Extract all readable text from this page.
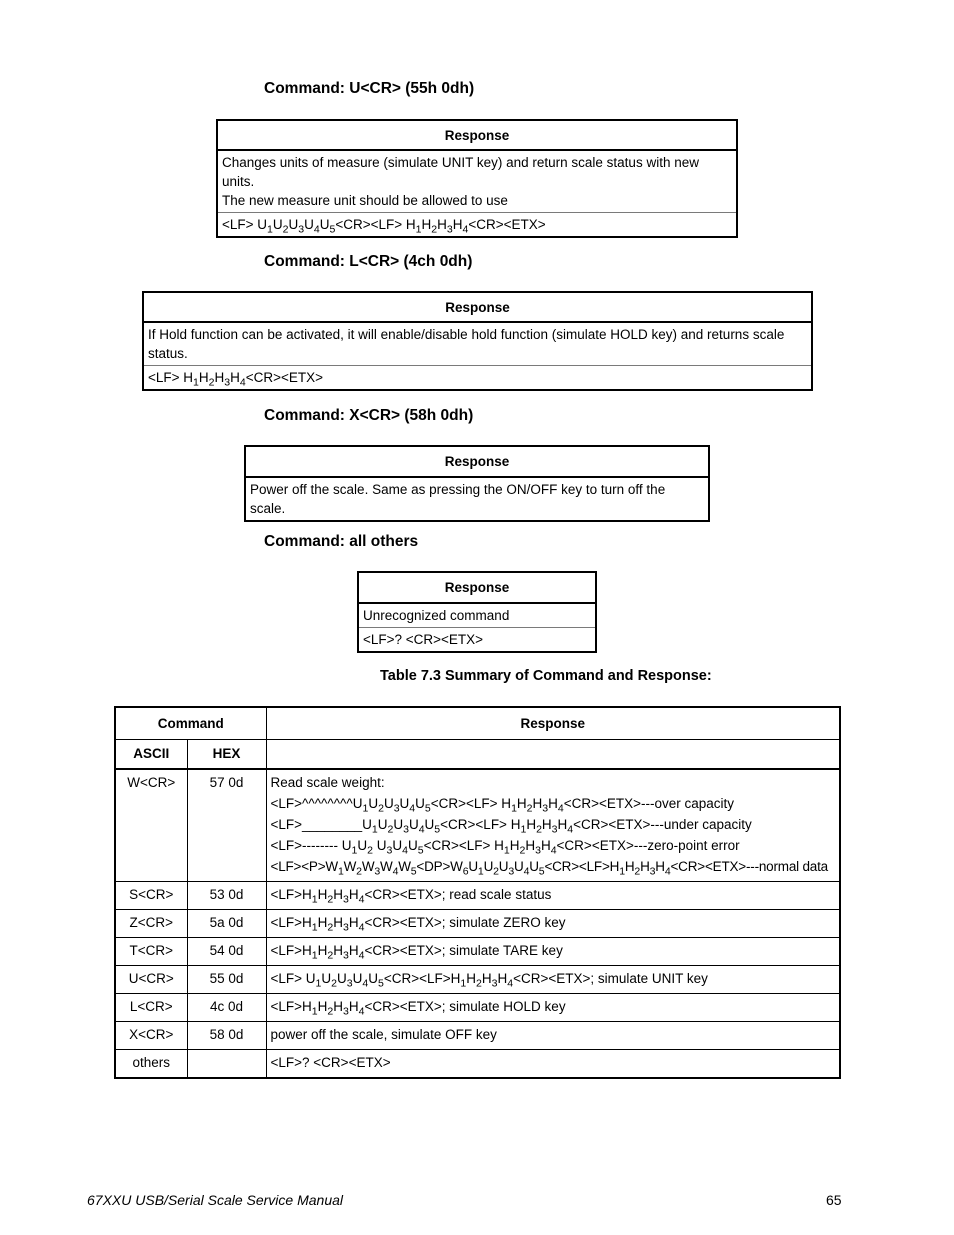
Command: U<CR> (55h 0dh)
Response
Changes units of measure (simulate UNIT key) and return scale status with new units.
The new measure unit should be allowed to use
$<LF> U_1U_2U_3U_4U_5<CR><LF> H_1H_2H_3H_4<CR><ETX>$
Command: L<CR> (4ch 0dh)
Response
If Hold function can be activated, it will enable/disable hold function (simulate HOLD key) and returns scale status.
$<LF> H_1H_2H_3H_4<CR><ETX>$
Command: X<CR> (58h 0dh)
Response
Power off the scale. Same as pressing the ON/OFF key to turn off the scale.
Command: all others
Response
Unrecognized command
<LF>? <CR><ETX>

Table 7.3 Summary of Command and Response:

Command		Response
ASCII	HEX	
W<CR>	57 0d	Read scale weight:
$<LF>\^{}\^{}\^{}\^{}\^{}\^{}\^{}\^{}U_1U_2U_3U_4U_5<CR><LF>$ $H_1H_2H_3H_4<CR><ETX>--$-over capacity
$<LF>\_\_\_\_\_\_\_\_U_1U_2U_3U_4U_5<CR><LF>$ $H_1H_2H_3H_4<CR><ETX>--$-under capacity
<LF>-------- $U_1U_2$ $U_3U_4U_5<CR><LF>$ $H_1H_2H_3H_4<CR><ETX>---zero$-point error
$<LF><P>W_1W_2W_3W_4W_5<DP>W_6U_1U_2U_3U_4U_5<CR><LF>H_1H_2H_3H_4<CR><ETX>--$-normal data
S<CR>	53 0d	$<LF>H_1H_2H_3H_4<CR><ETX>$; read scale status
Z<CR>	5a 0d	$<LF>H_1H_2H_3H_4<CR><ETX>$; simulate ZERO key
T<CR>	54 0d	$<LF>H_1H_2H_3H_4<CR><ETX>$; simulate TARE key
U<CR>	55 0d	$<LF> U_1U_2U_3U_4U_5<CR><LF>H_1H_2H_3H_4<CR><ETX>$; simulate UNIT key
L<CR>	4c 0d	$<LF>H_1H_2H_3H_4<CR><ETX>$; simulate HOLD key
X<CR>	58 0d	power off the scale, simulate OFF key
others		<LF>? <CR><ETX>
67XXU USB/Serial Scale Service Manual	65
